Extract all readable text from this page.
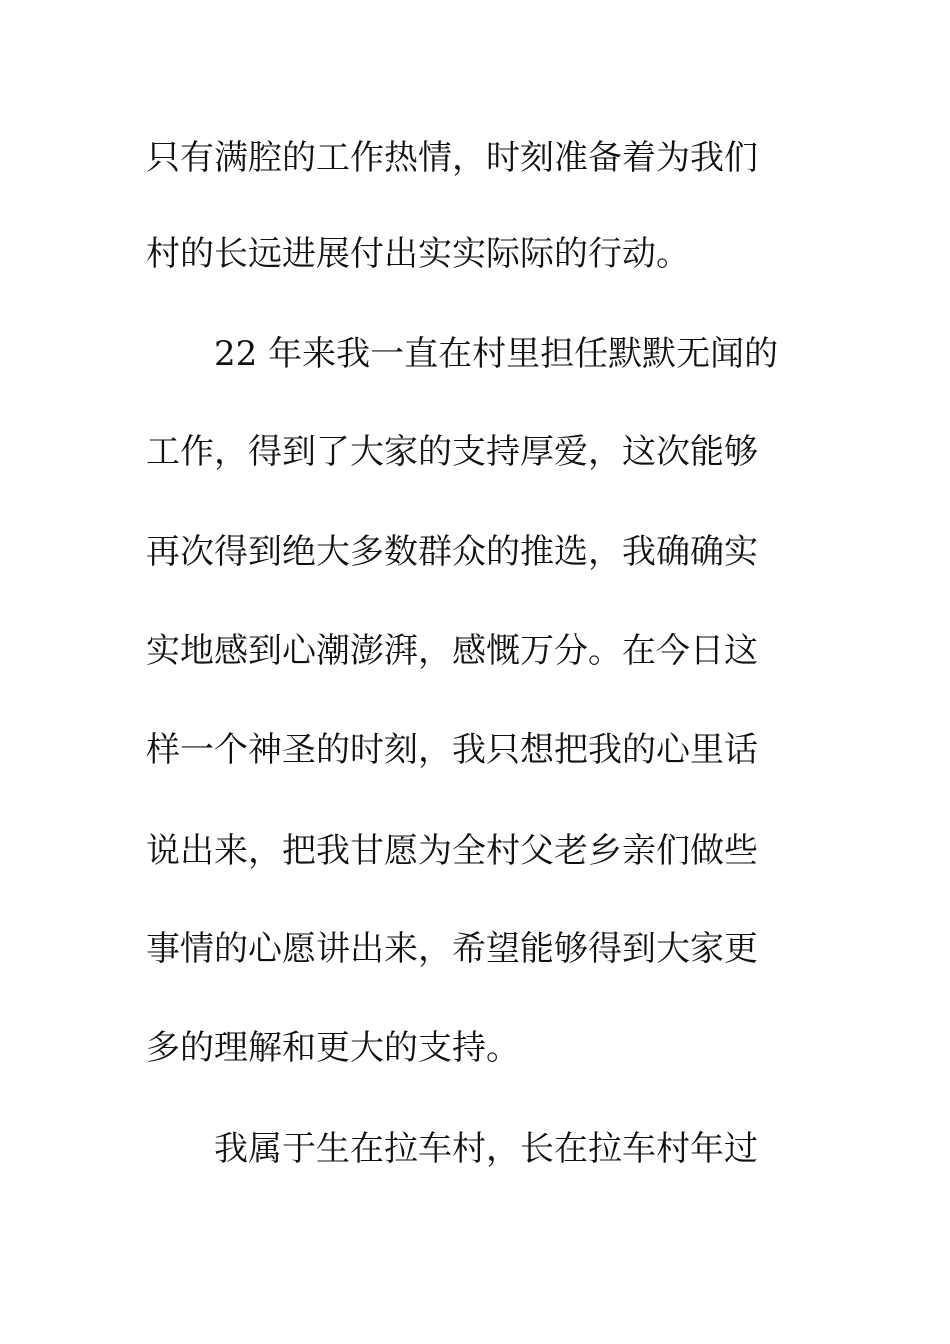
只有满腔的工作热情，时刻准备着为我们
村的长远进展付出实实际际的行动。
22 年来我一直在村里担任默默无闻的
工作，得到了大家的支持厚爱，这次能够
再次得到绝大多数群众的推选，我确确实
实地感到心潮澎湃，感慨万分。在今日这
样一个神圣的时刻，我只想把我的心里话
说出来，把我甘愿为全村父老乡亲们做些
事情的心愿讲出来，希望能够得到大家更
多的理解和更大的支持。
我属于生在拉车村，长在拉车村年过
